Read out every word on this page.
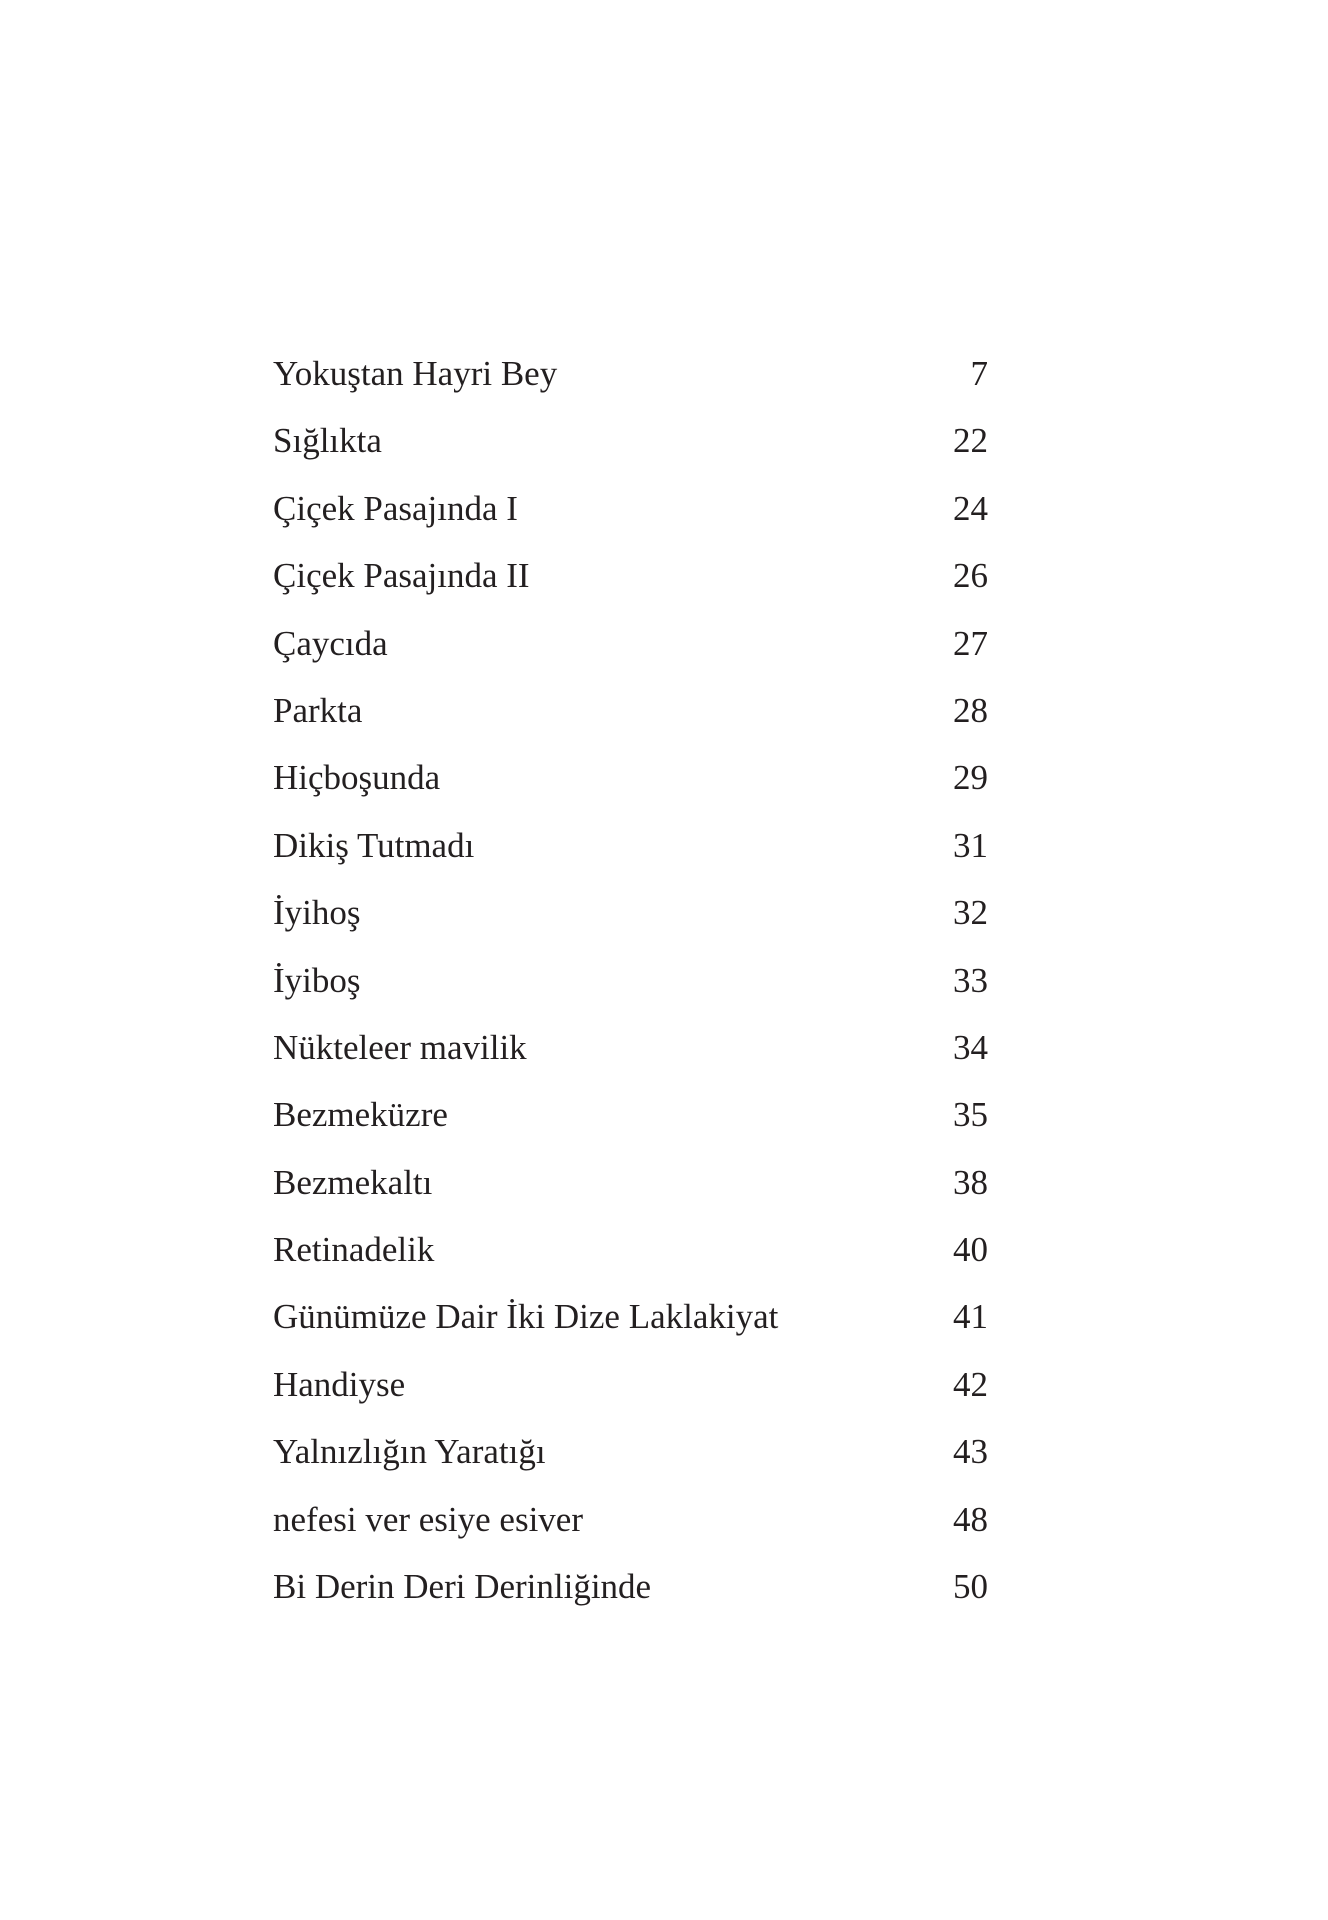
Yokuştan Hayri Bey	7
Sığlıkta	22
Çiçek Pasajında I	24
Çiçek Pasajında II	26
Çaycıda	27
Parkta	28
Hiçboşunda	29
Dikiş Tutmadı	31
İyihoş	32
İyiboş	33
Nükteleer mavilik	34
Bezmeküzre	35
Bezmekaltı	38
Retinadelik	40
Günümüze Dair İki Dize Laklakiyat	41
Handiyse	42
Yalnızlığın Yaratığı	43
nefesi ver esiye esiver	48
Bi Derin Deri Derinliğinde	50
